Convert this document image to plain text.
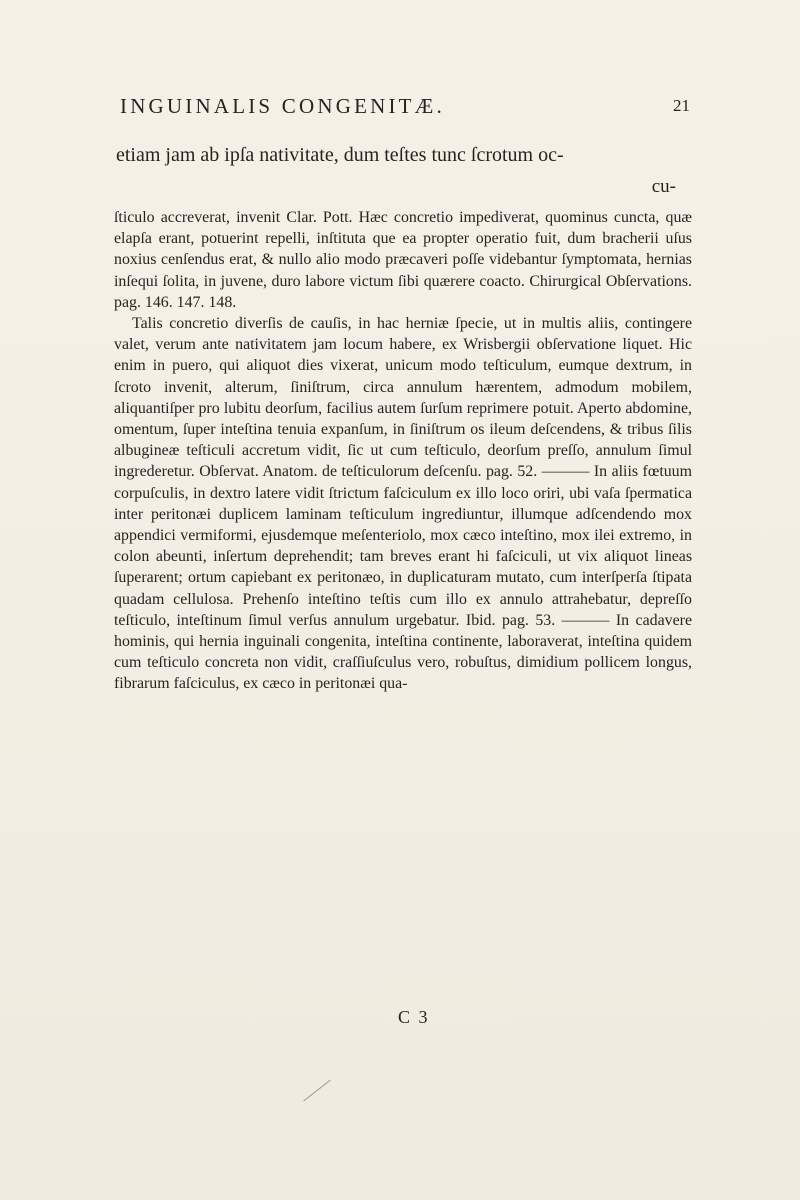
INGUINALIS CONGENITÆ.	21
etiam jam ab ipſa nativitate, dum teſtes tunc ſcrotum oc-
cu-

ſticulo accreverat, invenit Clar. Pott. Hæc concretio impediverat, quominus cuncta, quæ elapſa erant, potuerint repelli, inſtituta que ea propter operatio fuit, dum bracherii uſus noxius cenſendus erat, & nullo alio modo præcaveri poſſe videbantur ſymptomata, hernias inſequi ſolita, in juvene, duro labore victum ſibi quærere coacto. Chirurgical Obſervations. pag. 146. 147. 148.

Talis concretio diverſis de cauſis, in hac herniæ ſpecie, ut in multis aliis, contingere valet, verum ante nativitatem jam locum habere, ex Wrisbergii obſervatione liquet. Hic enim in puero, qui aliquot dies vixerat, unicum modo teſticulum, eumque dextrum, in ſcroto invenit, alterum, ſiniſtrum, circa annulum hærentem, admodum mobilem, aliquantiſper pro lubitu deorſum, facilius autem ſurſum reprimere potuit. Aperto abdomine, omentum, ſuper inteſtina tenuia expanſum, in ſiniſtrum os ileum deſcendens, & tribus ſilis albugineæ teſticuli accretum vidit, ſic ut cum teſticulo, deorſum preſſo, annulum ſimul ingrederetur. Obſervat. Anatom. de teſticulorum deſcenſu. pag. 52. ——— In aliis fœtuum corpuſculis, in dextro latere vidit ſtrictum faſciculum ex illo loco oriri, ubi vaſa ſpermatica inter peritonæi duplicem laminam teſticulum ingrediuntur, illumque adſcendendo mox appendici vermiformi, ejusdemque meſenteriolo, mox cæco inteſtino, mox ilei extremo, in colon abeunti, inſertum deprehendit; tam breves erant hi faſciculi, ut vix aliquot lineas ſuperarent; ortum capiebant ex peritonæo, in duplicaturam mutato, cum interſperſa ſtipata quadam cellulosa. Prehenſo inteſtino teſtis cum illo ex annulo attrahebatur, depreſſo teſticulo, inteſtinum ſimul verſus annulum urgebatur. Ibid. pag. 53. ——— In cadavere hominis, qui hernia inguinali congenita, inteſtina continente, laboraverat, inteſtina quidem cum teſticulo concreta non vidit, craſſiuſculus vero, robuſtus, dimidium pollicem longus, fibrarum faſciculus, ex cæco in peritonæi qua-

C 3
